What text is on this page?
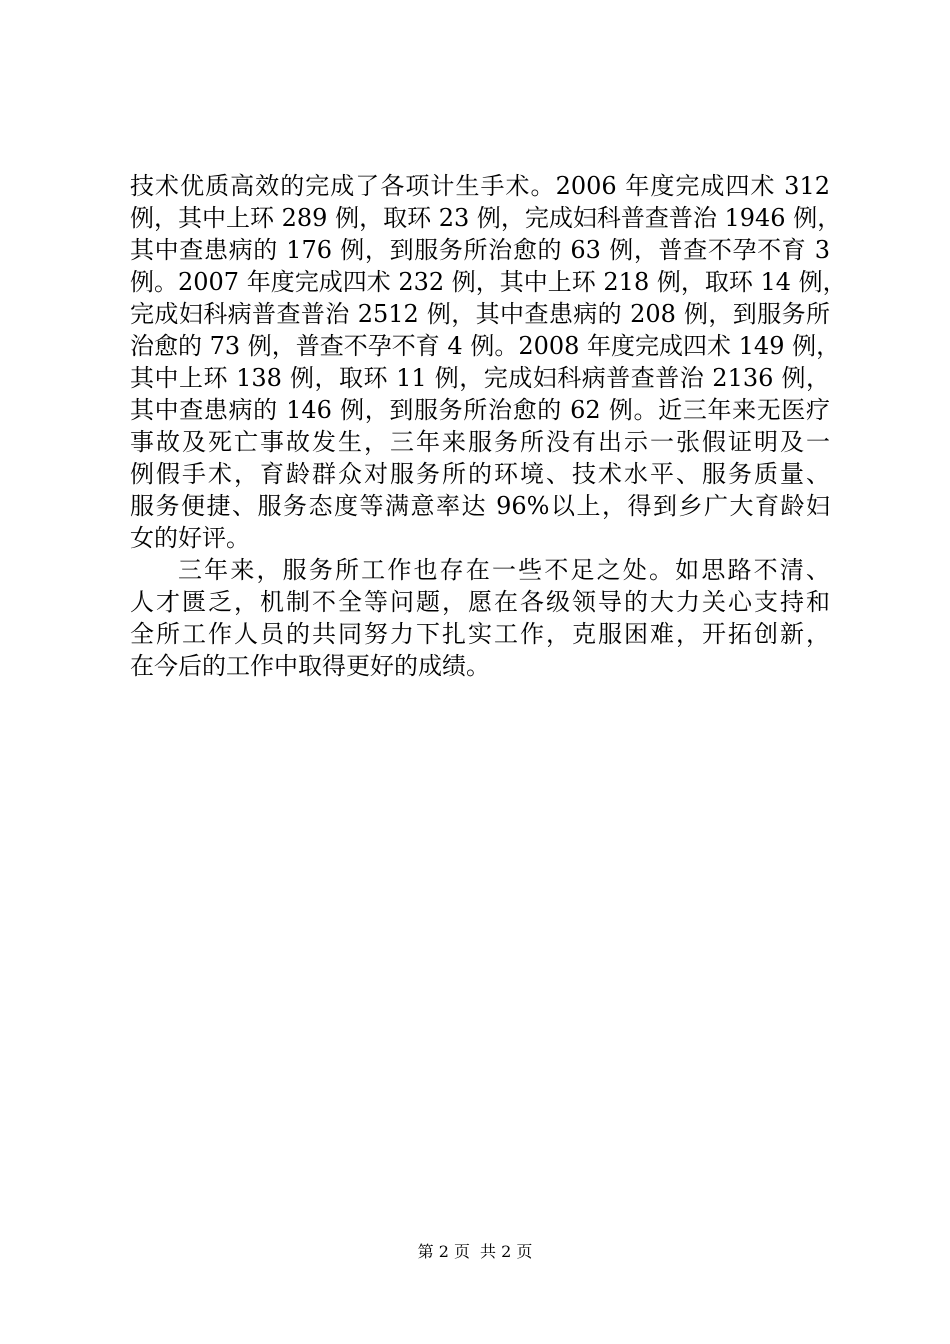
技术优质高效的完成了各项计生手术。2006 年度完成四术 312
例，其中上环 289 例，取环 23 例，完成妇科普查普治 1946 例，
其中查患病的 176 例，到服务所治愈的 63 例，普查不孕不育 3
例。2007 年度完成四术 232 例，其中上环 218 例，取环 14 例，
完成妇科病普查普治 2512 例，其中查患病的 208 例，到服务所
治愈的 73 例，普查不孕不育 4 例。2008 年度完成四术 149 例，
其中上环 138 例，取环 11 例，完成妇科病普查普治 2136 例，
其中查患病的 146 例，到服务所治愈的 62 例。近三年来无医疗
事故及死亡事故发生，三年来服务所没有出示一张假证明及一
例假手术，育龄群众对服务所的环境、技术水平、服务质量、
服务便捷、服务态度等满意率达 96%以上，得到乡广大育龄妇
女的好评。
三年来，服务所工作也存在一些不足之处。如思路不清、
人才匮乏，机制不全等问题，愿在各级领导的大力关心支持和
全所工作人员的共同努力下扎实工作，克服困难，开拓创新，
在今后的工作中取得更好的成绩。
第 2 页 共 2 页
